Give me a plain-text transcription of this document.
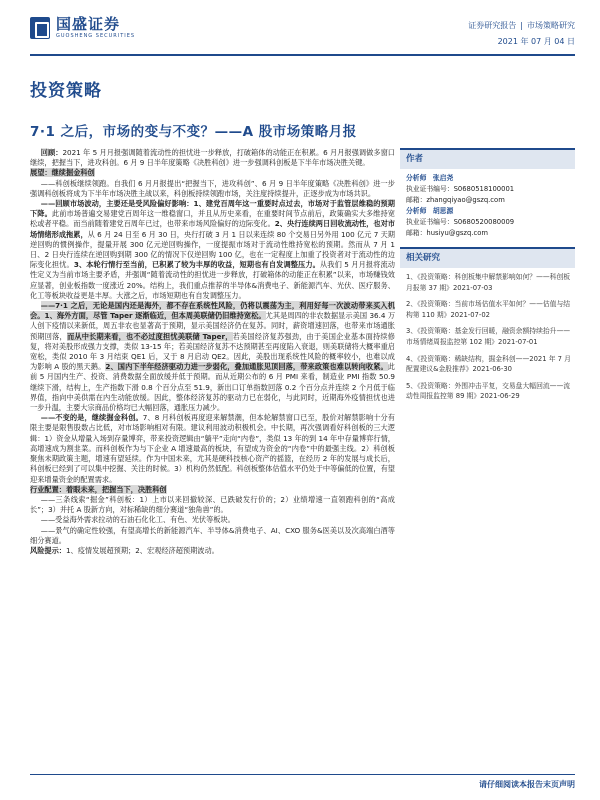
国盛证券
GUOSHENG SECURITIES
证券研究报告 | 市场策略研究
2021 年 07 月 04 日
投资策略
7·1 之后，市场的变与不变？——A 股市场策略月报

回顾：2021 年 5 月月报强调随着流动性的担忧进一步释放，打破箱体的动能正在积累。6 月月报强调做多窗口继续，把握当下，进攻科创。6 月 9 日半年度策略《决胜科创》进一步强调科创板是下半年市场决胜关键。

展望：继续掘金科创

——科创板继续领跑。自我们 6 月月报提出“把握当下，进攻科创”、6 月 9 日半年度策略《决胜科创》进一步强调科创板将成为下半年市场决胜主战以来，科创板持续领跑市场，关注度持续提升，正逐步成为市场共识。

——回顾市场波动，主要还是受风险偏好影响：1、建党百周年这一重要时点过去，市场对于监管层维稳的预期下降。此前市场普遍交易建党百周年这一维稳窗口，并且从历史来看，在重要时间节点前后，政策确实大多维持宽松或者平稳。而当前随着建党百周年已过，也带来市场风险偏好的边际变化。2、央行连续两日回收流动性，也对市场情绪形成拖累，从 6 月 24 日至 6 月 30 日，央行打破 3 月 1 日以来连续 80 个交易日另外用 100 亿元 7 天期逆回购的惯例操作，提量开展 300 亿元逆回购操作，一度提振市场对于流动性维持宽松的预期。然而从 7 月 1 日、2 日央行连续在逆回购到期 300 亿的情况下仅逆回购 100 亿，也在一定程度上加重了投资者对于流动性的边际变化担忧。3、本轮行情行至当前，已积累了较为丰厚的收益，短期也有自发调整压力。从我们 5 月月报将流动性定义为当前市场主要矛盾，并强调“随着流动性的担忧进一步释放，打破箱体的动能正在积累”以来，市场赚钱效应显著，创业板指数一度涨近 20%。结构上，我们重点推荐的半导体&消费电子、新能源汽车、光伏、医疗服务、化工等板块收益更是丰厚。大涨之后，市场短期也有自发调整压力。

——7·1 之后，无论是国内还是海外，都不存在系统性风险，仍将以震荡为主，利用好每一次波动带来买入机会。1、海外方面，尽管 Taper 逐渐临近，但本周美联储仍旧维持宽松。尤其是周四的非农数据显示美国 36.4 万人创下疫情以来新低，周五非农也显著高于预期，显示美国经济仍在复苏。同时，薪资增速回落，也带来市场通胀预期回落，而从中长期来看，也不必过度担忧美联储 Taper，若美国经济复苏强劲，由于美国企业基本面持续修复，将对美股形成强力支撑，类似 13-15 年；若美国经济复苏不达预期甚至再度陷入衰退，则美联储将大概率重启宽松，类似 2010 年 3 月结束 QE1 后，又于 8 月启动 QE2。因此，美股出现系统性风险的概率较小，也难以成为影响 A 股的黑天鹅。2、国内下半年经济驱动力进一步弱化，叠加通胀见顶回落，带来政策也难以转向收紧。此前 5 月国内生产、投资、消费数据全面放缓并低于预期。而从近期公布的 6 月 PMI 来看，制造业 PMI 指数 50.9 继续下滑，结构上，生产指数下滑 0.8 个百分点至 51.9，新出口订单指数回落 0.2 个百分点并连续 2 个月低于临界值，指向中美供需在内生动能放缓。因此，整体经济复苏的驱动力已在弱化，与此同时，近期海外疫情担忧也进一步升温，主要大宗商品价格均已大幅回落，通胀压力减少。

——不变的是，继续掘金科创。7、8 月科创板再度迎来解禁潮，但本轮解禁窗口已至，股价对解禁影响十分有限主要是限售股数占比低，对市场影响相对有限。建议利用波动积极机会。中长期，再次强调看好科创板的三大逻辑：1）资金从增量入场到存量博弈，带来投资逻辑由“躺平”走向“内卷”，类似 13 年的到 14 年中存量博弈行情，高增速成为割韭菜。而科创板作为与下企业 A 增速最高的板块，有望成为资金的“内卷”中的最强主线。2）科创板聚焦未期政策主题，增速有望延续。作为中国未来，尤其是硬科技核心资产的摇篮，在经历 2 年的发展与成长后，科创板已经到了可以集中挖掘、关注的时候。3）机构仍然低配。科创板整体估值水平仍处于中等偏低的位置，有望迎来增量资金的配置需求。

行业配置：着眼未来，把握当下，决胜科创

——三条线索“掘金”科创板：1）上市以来回撤较深、已跌破发行价的；2）业绩增速一直领跑科创的“高成长”；3）并托 A 股新方向，对标稀缺的细分赛道“独角兽”的。

——受益海外需求拉动的石油石化化工、有色、光伏等板块。

——景气的确定性较强，有望高增长的新能源汽车、半导体&消费电子、AI、CXO 服务&医美以及次高端白酒等细分赛道。

风险提示：1、疫情发展超预期；2、宏观经济超预期波动。

作者
分析师 张启尧
执业证书编号：S0680518100001
邮箱：zhangqiyao@gszq.com
分析师 胡思源
执业证书编号：S0680520080009
邮箱：husiyu@gszq.com
相关研究
1、《投资策略：科创板集中解禁影响如何？——科创板月报第 37 期》2021-07-03
2、《投资策略：当前市场估值水平如何？——估值与结构第 110 期》2021-07-02
3、《投资策略：基金发行回暖，融资余额持续抬升——市场情绪周报监控第 102 期》2021-07-01
4、《投资策略：稀缺结构，掘金科创——2021 年 7 月配置建议&金股推荐》2021-06-30
5、《投资策略：外围冲击平复，交易盘大幅回流——流动性周报监控第 89 期》2021-06-29
请仔细阅读本报告末页声明
